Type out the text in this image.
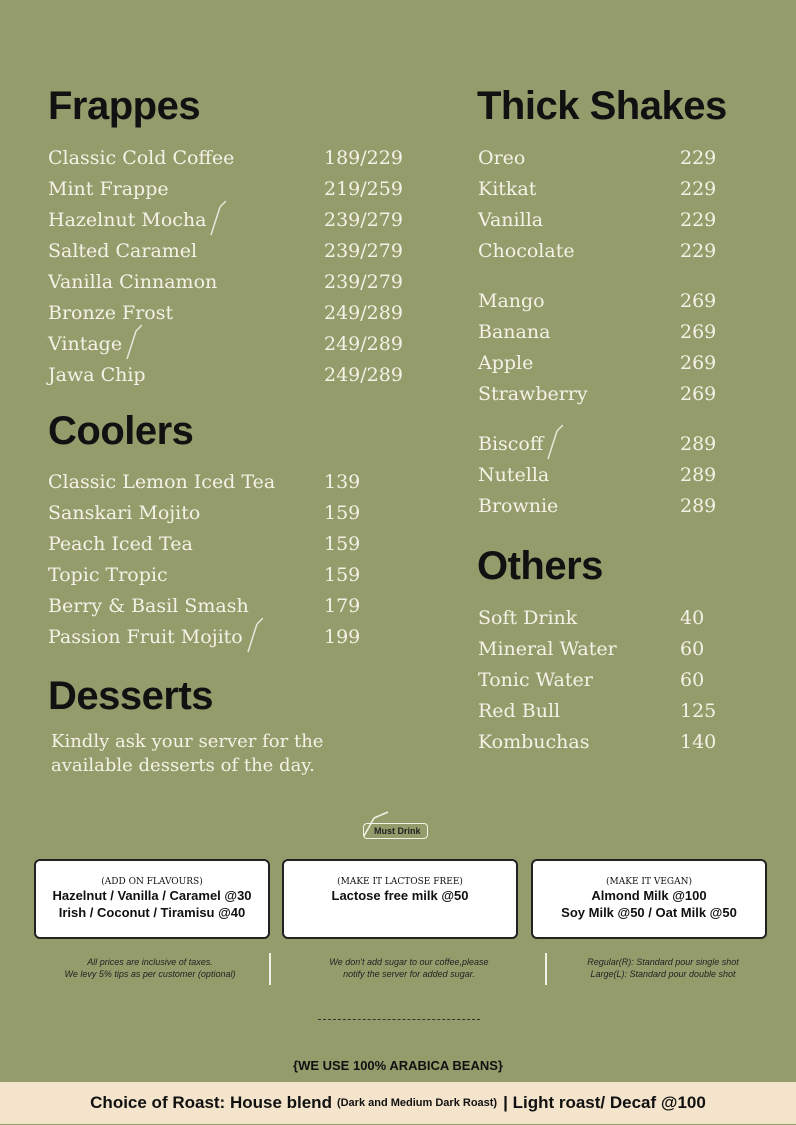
Frappes
Classic Cold Coffee	189/229
Mint Frappe	219/259
Hazelnut Mocha	239/279
Salted Caramel	239/279
Vanilla Cinnamon	239/279
Bronze Frost	249/289
Vintage	249/289
Jawa Chip	249/289
Coolers
Classic Lemon Iced Tea	139
Sanskari Mojito	159
Peach Iced Tea	159
Topic Tropic	159
Berry & Basil Smash	179
Passion Fruit Mojito	199
Desserts
Kindly ask your server for the
available desserts of the day.
Thick Shakes
Oreo	229
Kitkat	229
Vanilla	229
Chocolate	229
Mango	269
Banana	269
Apple	269
Strawberry	269
Biscoff	289
Nutella	289
Brownie	289
Others
Soft Drink	40
Mineral Water	60
Tonic Water	60
Red Bull	125
Kombuchas	140
Must Drink
(ADD ON FLAVOURS)
Hazelnut / Vanilla / Caramel @30
Irish / Coconut / Tiramisu @40
(MAKE IT LACTOSE FREE)
Lactose free milk @50
(MAKE IT VEGAN)
Almond Milk @100
Soy Milk @50 / Oat Milk @50
All prices are inclusive of taxes.
We levy 5% tips as per customer (optional)
We don't add sugar to our coffee,please
notify the server for added sugar.
Regular(R): Standard pour single shot
Large(L): Standard pour double shot
{WE USE 100% ARABICA BEANS}
Choice of Roast: House blend (Dark and Medium Dark Roast) | Light roast/ Decaf @100
